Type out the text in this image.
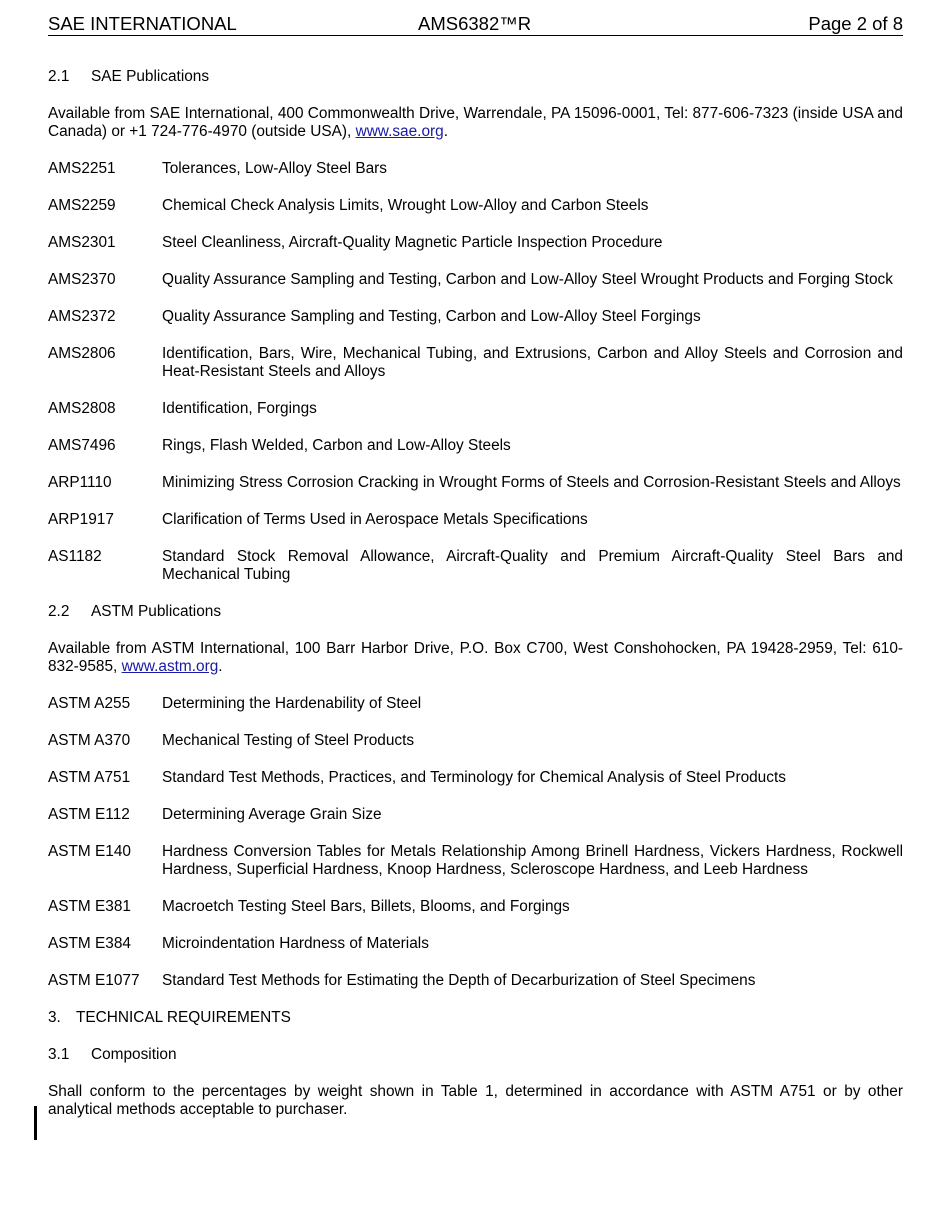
SAE INTERNATIONAL	AMS6382™R	Page 2 of 8
2.1	SAE Publications
Available from SAE International, 400 Commonwealth Drive, Warrendale, PA 15096-0001, Tel: 877-606-7323 (inside USA and Canada) or +1 724-776-4970 (outside USA), www.sae.org.
AMS2251	Tolerances, Low-Alloy Steel Bars
AMS2259	Chemical Check Analysis Limits, Wrought Low-Alloy and Carbon Steels
AMS2301	Steel Cleanliness, Aircraft-Quality Magnetic Particle Inspection Procedure
AMS2370	Quality Assurance Sampling and Testing, Carbon and Low-Alloy Steel Wrought Products and Forging Stock
AMS2372	Quality Assurance Sampling and Testing, Carbon and Low-Alloy Steel Forgings
AMS2806	Identification, Bars, Wire, Mechanical Tubing, and Extrusions, Carbon and Alloy Steels and Corrosion and Heat-Resistant Steels and Alloys
AMS2808	Identification, Forgings
AMS7496	Rings, Flash Welded, Carbon and Low-Alloy Steels
ARP1110	Minimizing Stress Corrosion Cracking in Wrought Forms of Steels and Corrosion-Resistant Steels and Alloys
ARP1917	Clarification of Terms Used in Aerospace Metals Specifications
AS1182	Standard Stock Removal Allowance, Aircraft-Quality and Premium Aircraft-Quality Steel Bars and Mechanical Tubing
2.2	ASTM Publications
Available from ASTM International, 100 Barr Harbor Drive, P.O. Box C700, West Conshohocken, PA 19428-2959, Tel: 610-832-9585, www.astm.org.
ASTM A255	Determining the Hardenability of Steel
ASTM A370	Mechanical Testing of Steel Products
ASTM A751	Standard Test Methods, Practices, and Terminology for Chemical Analysis of Steel Products
ASTM E112	Determining Average Grain Size
ASTM E140	Hardness Conversion Tables for Metals Relationship Among Brinell Hardness, Vickers Hardness, Rockwell Hardness, Superficial Hardness, Knoop Hardness, Scleroscope Hardness, and Leeb Hardness
ASTM E381	Macroetch Testing Steel Bars, Billets, Blooms, and Forgings
ASTM E384	Microindentation Hardness of Materials
ASTM E1077	Standard Test Methods for Estimating the Depth of Decarburization of Steel Specimens
3. TECHNICAL REQUIREMENTS
3.1	Composition
Shall conform to the percentages by weight shown in Table 1, determined in accordance with ASTM A751 or by other analytical methods acceptable to purchaser.
